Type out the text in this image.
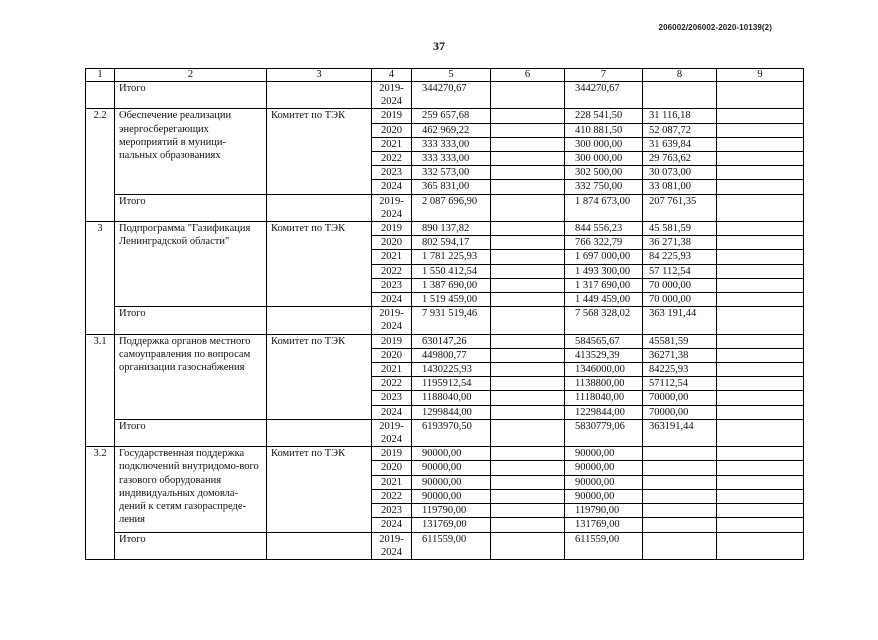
206002/206002-2020-10139(2)
37
1	2	3	4	5	6	7	8	9
	Итого		2019-
2024	344270,67		344270,67		
2.2	Обеспечение реализации энергосберегающих мероприятий в муници-пальных образованиях	Комитет по ТЭК	2019	259 657,68		228 541,50	31 116,18	
			2020	462 969,22		410 881,50	52 087,72	
			2021	333 333,00		300 000,00	31 639,84	
			2022	333 333,00		300 000,00	29 763,62	
			2023	332 573,00		302 500,00	30 073,00	
			2024	365 831,00		332 750,00	33 081,00	
	Итого		2019-
2024	2 087 696,90		1 874 673,00	207 761,35	
3	Подпрограмма "Газификация Ленинградской области"	Комитет по ТЭК	2019	890 137,82		844 556,23	45 581,59	
			2020	802 594,17		766 322,79	36 271,38	
			2021	1 781 225,93		1 697 000,00	84 225,93	
			2022	1 550 412,54		1 493 300,00	57 112,54	
			2023	1 387 690,00		1 317 690,00	70 000,00	
			2024	1 519 459,00		1 449 459,00	70 000,00	
	Итого		2019-
2024	7 931 519,46		7 568 328,02	363 191,44	
3.1	Поддержка органов местного самоуправления по вопросам организации газоснабжения	Комитет по ТЭК	2019	630147,26		584565,67	45581,59	
			2020	449800,77		413529,39	36271,38	
			2021	1430225,93		1346000,00	84225,93	
			2022	1195912,54		1138800,00	57112,54	
			2023	1188040,00		1118040,00	70000,00	
			2024	1299844,00		1229844,00	70000,00	
	Итого		2019-
2024	6193970,50		5830779,06	363191,44	
3.2	Государственная поддержка подключений внутридомо-вого газового оборудования индивидуальных домовла-дений к сетям газораспреде-ления	Комитет по ТЭК	2019	90000,00		90000,00		
			2020	90000,00		90000,00		
			2021	90000,00		90000,00		
			2022	90000,00		90000,00		
			2023	119790,00		119790,00		
			2024	131769,00		131769,00		
	Итого		2019-
2024	611559,00		611559,00		
